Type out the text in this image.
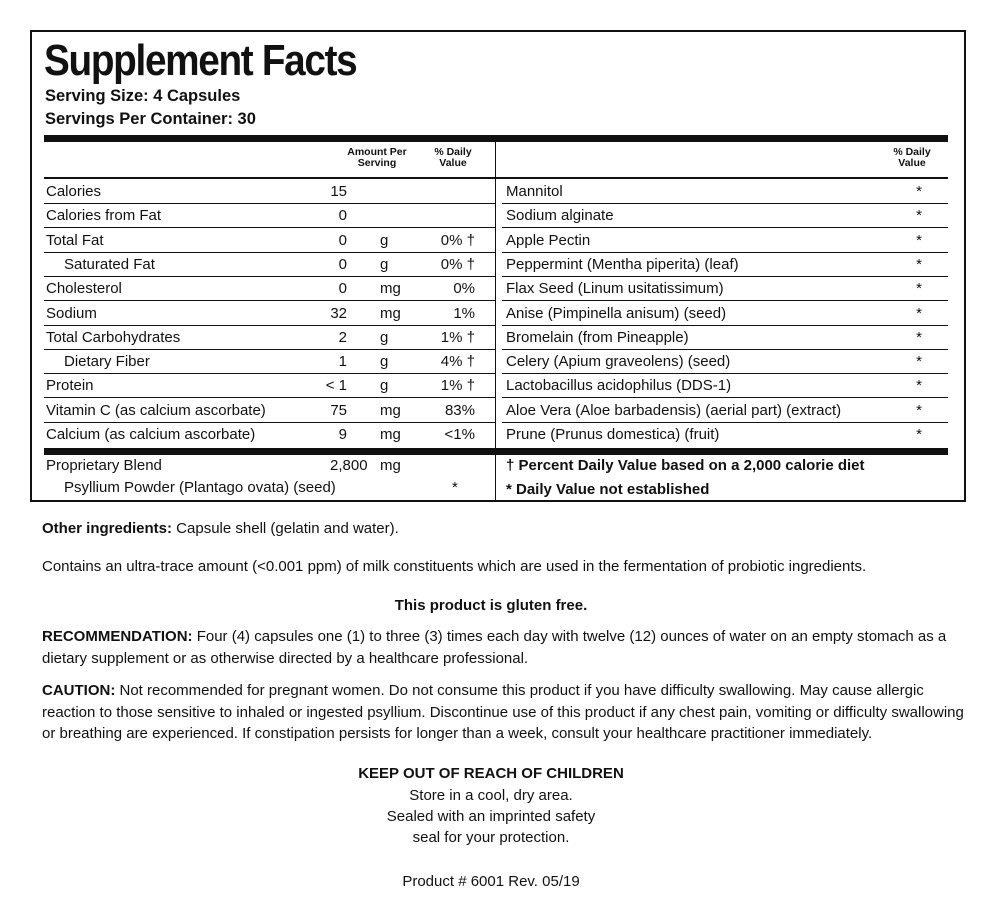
Supplement Facts
Serving Size: 4 Capsules
Servings Per Container: 30
Amount Per Serving
% Daily Value
% Daily Value
Calories	15
Calories from Fat	0
Total Fat	0 g	0% †
Saturated Fat	0 g	0% †
Cholesterol	0 mg	0%
Sodium	32 mg	1%
Total Carbohydrates	2 g	1% †
Dietary Fiber	1 g	4% †
Protein	< 1 g	1% †
Vitamin C (as calcium ascorbate)	75 mg	83%
Calcium (as calcium ascorbate)	9 mg	<1%
Mannitol	*
Sodium alginate	*
Apple Pectin	*
Peppermint (Mentha piperita) (leaf)	*
Flax Seed (Linum usitatissimum)	*
Anise (Pimpinella anisum) (seed)	*
Bromelain (from Pineapple)	*
Celery (Apium graveolens) (seed)	*
Lactobacillus acidophilus (DDS-1)	*
Aloe Vera (Aloe barbadensis) (aerial part) (extract)	*
Prune (Prunus domestica) (fruit)	*
Proprietary Blend	2,800 mg
Psyllium Powder (Plantago ovata) (seed)	*
† Percent Daily Value based on a 2,000 calorie diet
* Daily Value not established
Other ingredients: Capsule shell (gelatin and water).
Contains an ultra-trace amount (<0.001 ppm) of milk constituents which are used in the fermentation of probiotic ingredients.
This product is gluten free.
RECOMMENDATION: Four (4) capsules one (1) to three (3) times each day with twelve (12) ounces of water on an empty stomach as a dietary supplement or as otherwise directed by a healthcare professional.
CAUTION: Not recommended for pregnant women. Do not consume this product if you have difficulty swallowing. May cause allergic reaction to those sensitive to inhaled or ingested psyllium. Discontinue use of this product if any chest pain, vomiting or difficulty swallowing or breathing are experienced. If constipation persists for longer than a week, consult your healthcare practitioner immediately.
KEEP OUT OF REACH OF CHILDREN
Store in a cool, dry area.
Sealed with an imprinted safety
seal for your protection.
Product # 6001 Rev. 05/19
